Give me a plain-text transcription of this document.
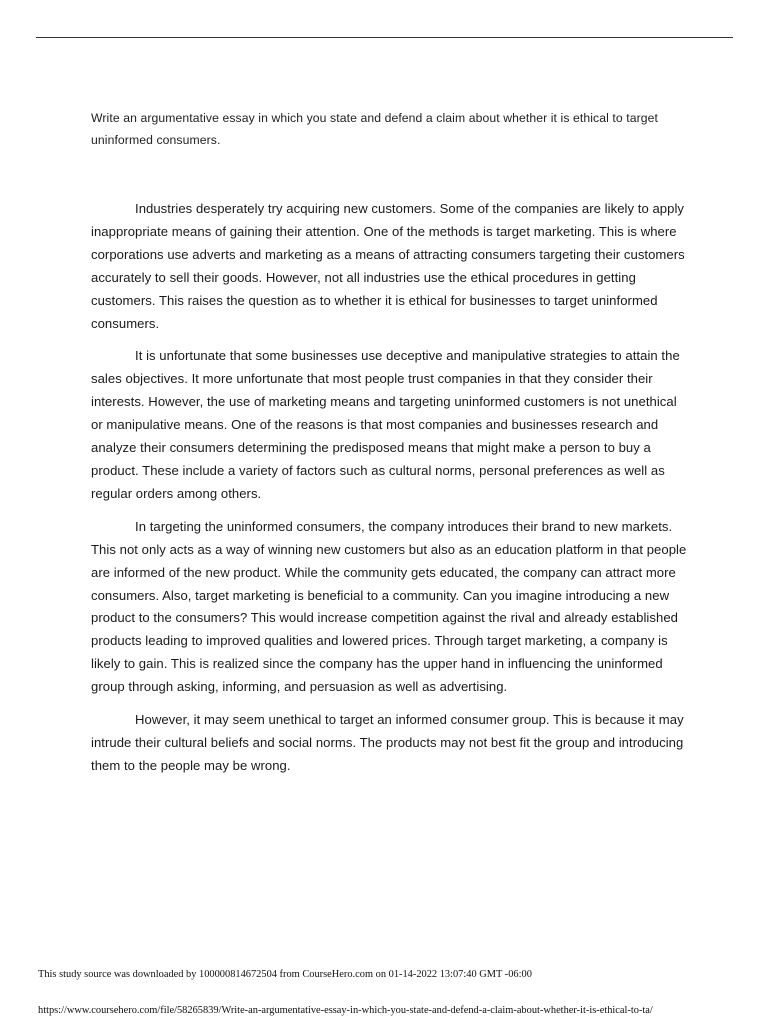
Write an argumentative essay in which you state and defend a claim about whether it is ethical to target uninformed consumers.

Industries desperately try acquiring new customers. Some of the companies are likely to apply inappropriate means of gaining their attention. One of the methods is target marketing. This is where corporations use adverts and marketing as a means of attracting consumers targeting their customers accurately to sell their goods. However, not all industries use the ethical procedures in getting customers. This raises the question as to whether it is ethical for businesses to target uninformed consumers.

It is unfortunate that some businesses use deceptive and manipulative strategies to attain the sales objectives. It more unfortunate that most people trust companies in that they consider their interests. However, the use of marketing means and targeting uninformed customers is not unethical or manipulative means. One of the reasons is that most companies and businesses research and analyze their consumers determining the predisposed means that might make a person to buy a product. These include a variety of factors such as cultural norms, personal preferences as well as regular orders among others.

In targeting the uninformed consumers, the company introduces their brand to new markets. This not only acts as a way of winning new customers but also as an education platform in that people are informed of the new product. While the community gets educated, the company can attract more consumers. Also, target marketing is beneficial to a community. Can you imagine introducing a new product to the consumers? This would increase competition against the rival and already established products leading to improved qualities and lowered prices. Through target marketing, a company is likely to gain. This is realized since the company has the upper hand in influencing the uninformed group through asking, informing, and persuasion as well as advertising.

However, it may seem unethical to target an informed consumer group. This is because it may intrude their cultural beliefs and social norms. The products may not best fit the group and introducing them to the people may be wrong.

This study source was downloaded by 100000814672504 from CourseHero.com on 01-14-2022 13:07:40 GMT -06:00
https://www.coursehero.com/file/58265839/Write-an-argumentative-essay-in-which-you-state-and-defend-a-claim-about-whether-it-is-ethical-to-ta/
